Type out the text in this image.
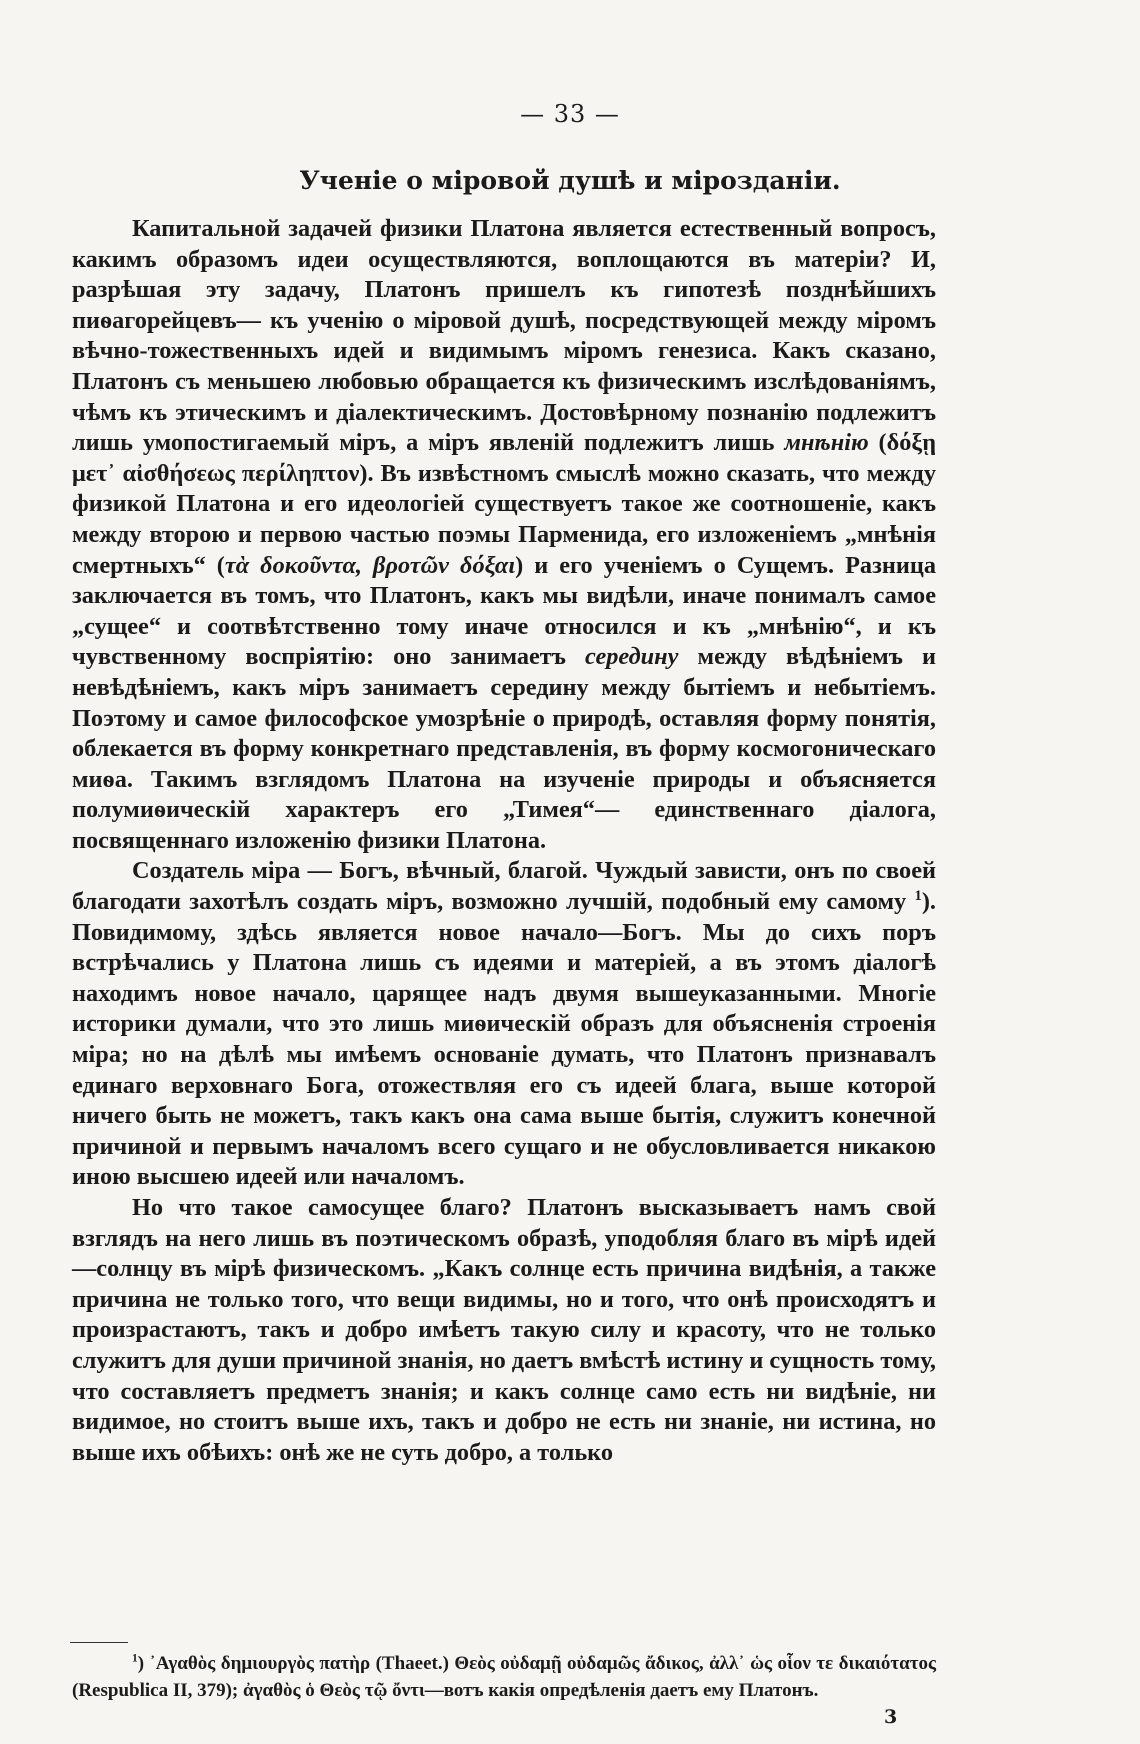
— 33 —
Ученіе о міровой душѣ и мірозданіи.

Капитальной задачей физики Платона является естественный вопросъ, какимъ образомъ идеи осуществляются, воплощаются въ матеріи? И, разрѣшая эту задачу, Платонъ пришелъ къ гипотезѣ позднѣйшихъ пиѳагорейцевъ— къ ученію о міровой душѣ, посредствующей между міромъ вѣчно-тожественныхъ идей и видимымъ міромъ генезиса. Какъ сказано, Платонъ съ меньшею любовью обращается къ физическимъ изслѣдованіямъ, чѣмъ къ этическимъ и діалектическимъ. Достовѣрному познанію подлежитъ лишь умопостигаемый міръ, а міръ явленій подлежитъ лишь мнѣнію (δόξῃ μετ᾽ αἰσθήσεως περίληπτον). Въ извѣстномъ смыслѣ можно сказать, что между физикой Платона и его идеологіей существуетъ такое же соотношеніе, какъ между второю и первою частью поэмы Парменида, его изложеніемъ „мнѣнія смертныхъ“ (τὰ δοκοῦντα, βροτῶν δόξαι) и его ученіемъ о Сущемъ. Разница заключается въ томъ, что Платонъ, какъ мы видѣли, иначе понималъ самое „сущее“ и соотвѣтственно тому иначе относился и къ „мнѣнію“, и къ чувственному воспріятію: оно занимаетъ середину между вѣдѣніемъ и невѣдѣніемъ, какъ міръ занимаетъ середину между бытіемъ и небытіемъ. Поэтому и самое философское умозрѣніе о природѣ, оставляя форму понятія, облекается въ форму конкретнаго представленія, въ форму космогоническаго миѳа. Такимъ взглядомъ Платона на изученіе природы и объясняется полумиѳическій характеръ его „Тимея“— единственнаго діалога, посвященнаго изложенію физики Платона.

Создатель міра — Богъ, вѣчный, благой. Чуждый зависти, онъ по своей благодати захотѣлъ создать міръ, возможно лучшій, подобный ему самому $^1$). Повидимому, здѣсь является новое начало—Богъ. Мы до сихъ поръ встрѣчались у Платона лишь съ идеями и матеріей, а въ этомъ діалогѣ находимъ новое начало, царящее надъ двумя вышеуказанными. Многіе историки думали, что это лишь миѳическій образъ для объясненія строенія міра; но на дѣлѣ мы имѣемъ основаніе думать, что Платонъ признавалъ единаго верховнаго Бога, отожествляя его съ идеей блага, выше которой ничего быть не можетъ, такъ какъ она сама выше бытія, служитъ конечной причиной и первымъ началомъ всего сущаго и не обусловливается никакою иною высшею идеей или началомъ.

Но что такое самосущее благо? Платонъ высказываетъ намъ свой взглядъ на него лишь въ поэтическомъ образѣ, уподобляя благо въ мірѣ идей—солнцу въ мірѣ физическомъ. „Какъ солнце есть причина видѣнія, а также причина не только того, что вещи видимы, но и того, что онѣ происходятъ и произрастаютъ, такъ и добро имѣетъ такую силу и красоту, что не только служитъ для души причиной знанія, но даетъ вмѣстѣ истину и сущность тому, что составляетъ предметъ знанія; и какъ солнце само есть ни видѣніе, ни видимое, но стоитъ выше ихъ, такъ и добро не есть ни знаніе, ни истина, но выше ихъ обѣихъ: онѣ же не суть добро, а только

$^1$) ᾿Αγαθὸς δημιουργὸς πατὴρ (Thaeet.) Θεὸς οὐδαμῇ οὐδαμῶς ἄδικος, ἀλλ᾽ ὡς οἷον τε δικαιότατος (Respublica II, 379); ἀγαθὸς ὁ Θεὸς τῷ ὄντι—вотъ какія опредѣленія даетъ ему Платонъ.

3
